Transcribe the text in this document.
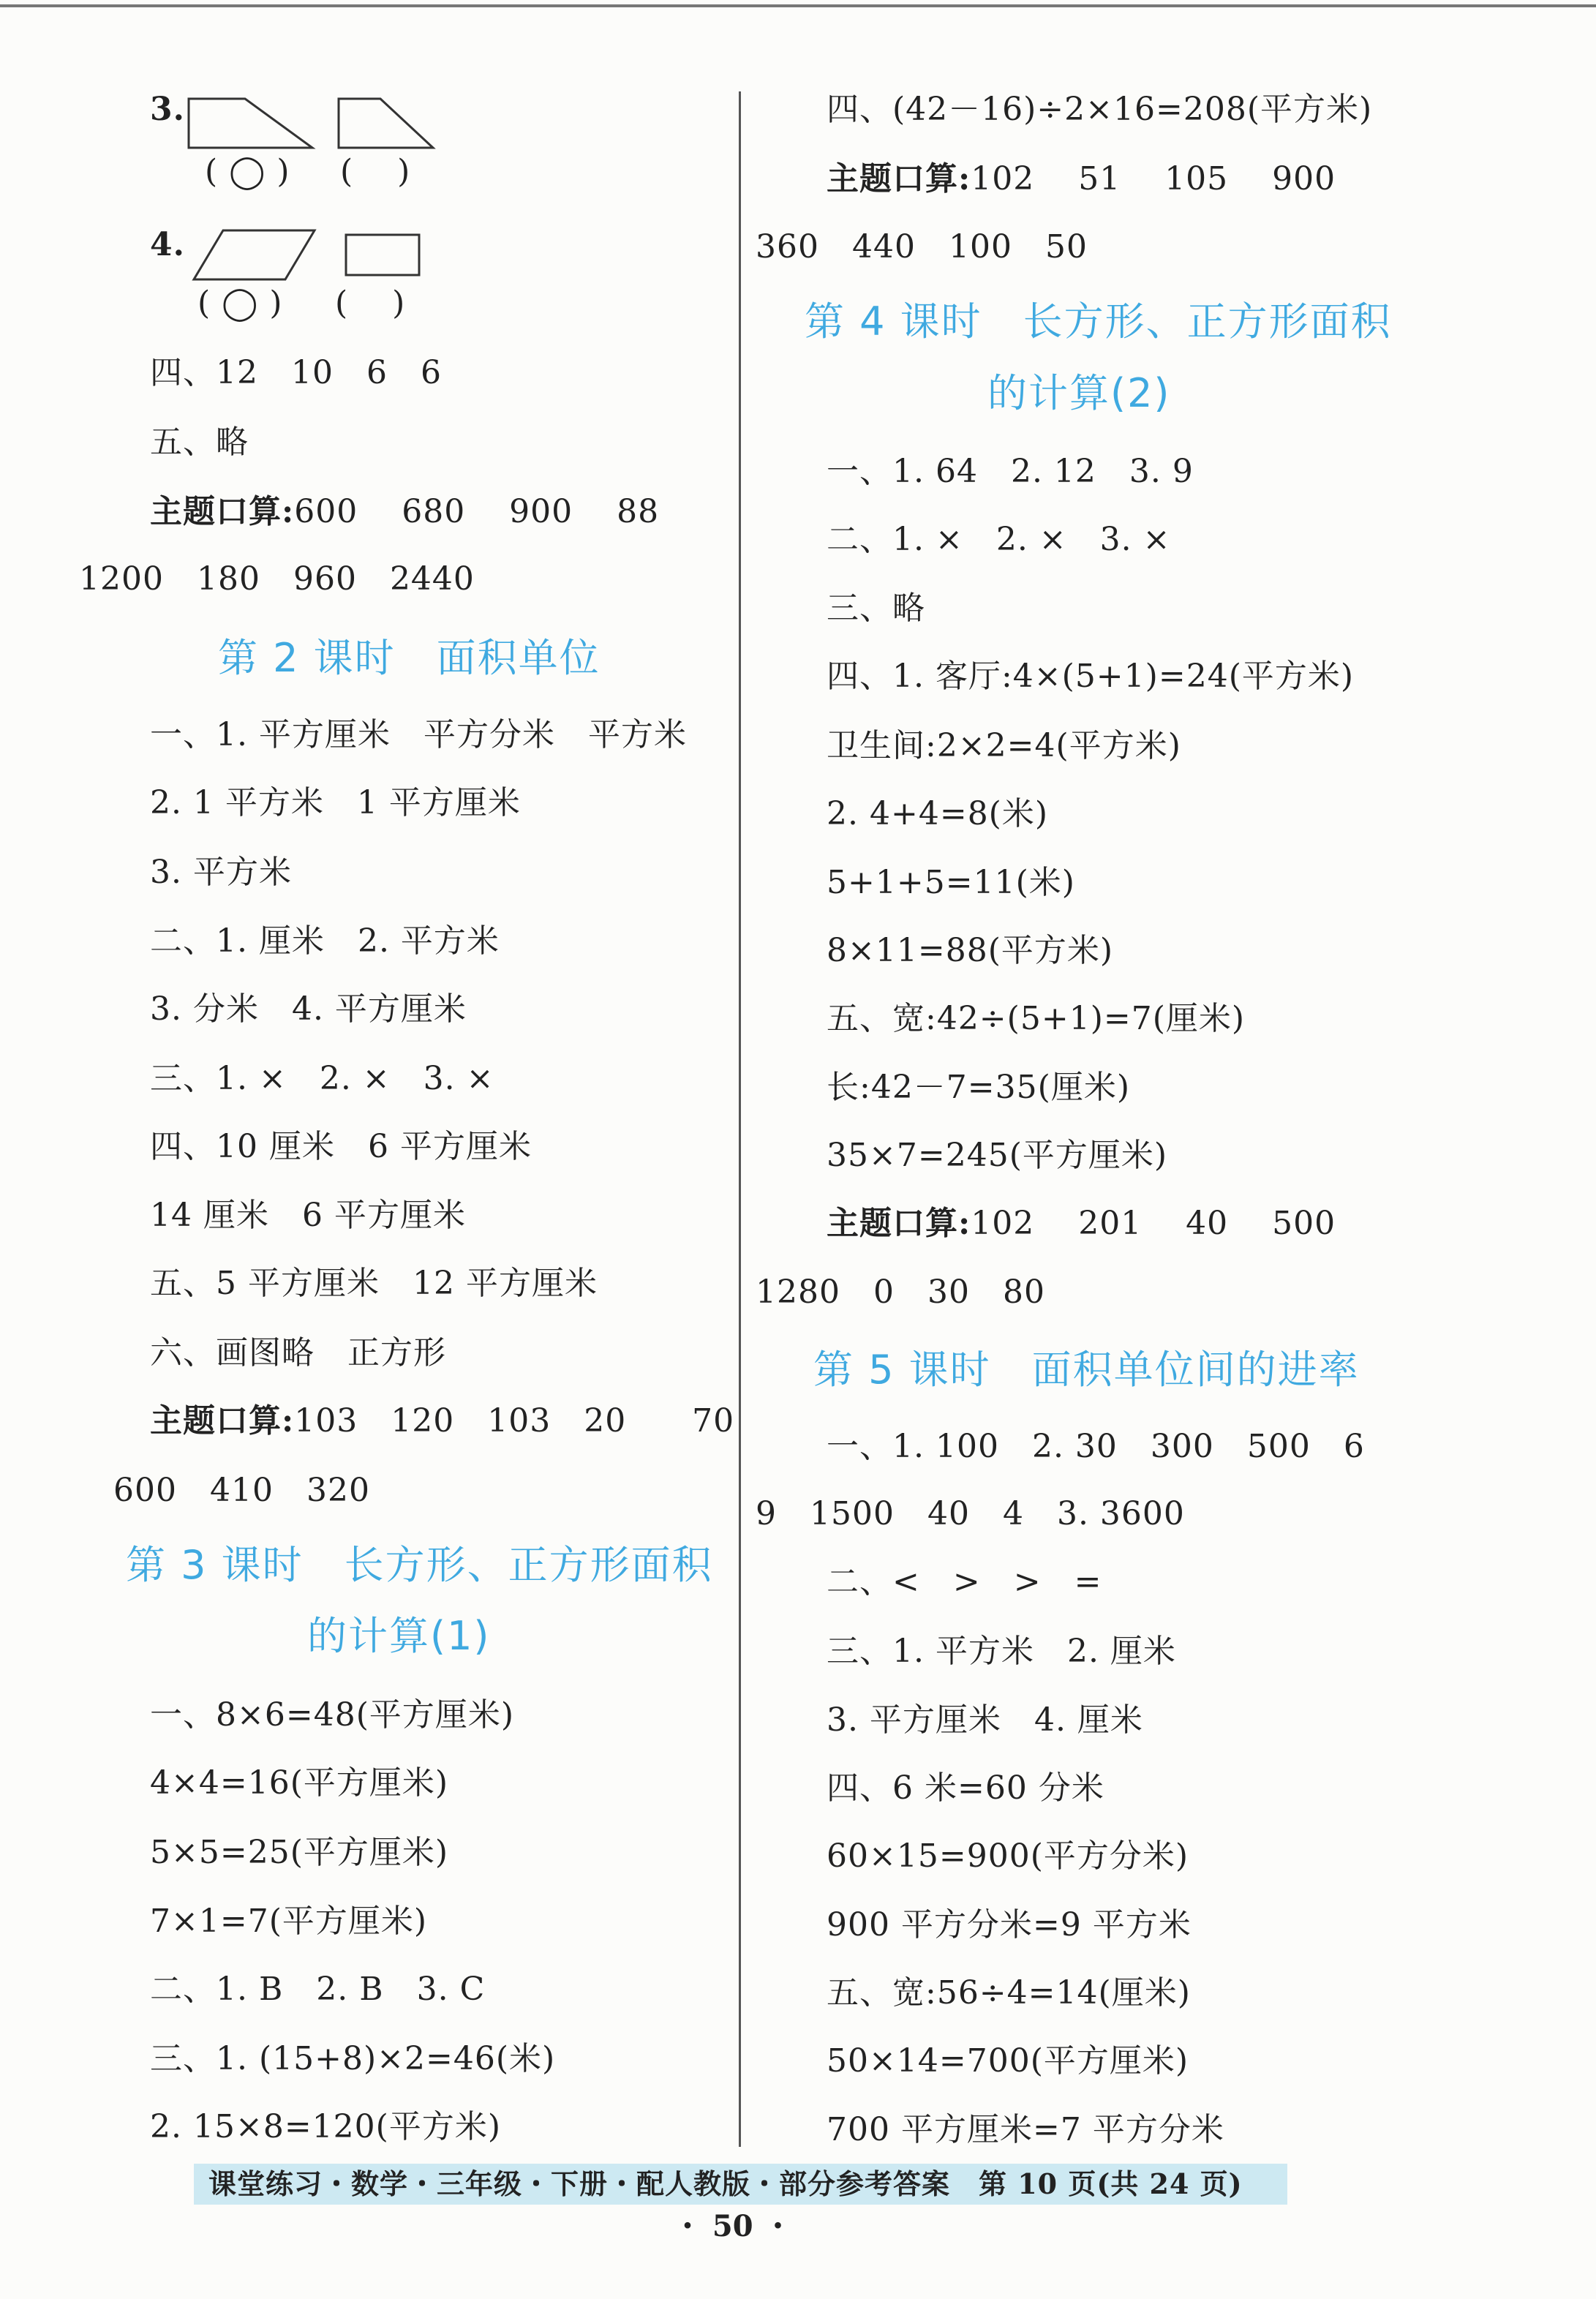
3.
( ◯ ) (    )
4.
( ◯ ) (    )
四、12　10　6　6
五、略
主题口算:600　 680　 900　 88
1200　180　960　2440
第 2 课时　面积单位
一、1. 平方厘米　平方分米　平方米
2. 1 平方米　1 平方厘米
3. 平方米
二、1. 厘米　2. 平方米
3. 分米　4. 平方厘米
三、1. ×　2. ×　3. ×
四、10 厘米　6 平方厘米
14 厘米　6 平方厘米
五、5 平方厘米　12 平方厘米
六、画图略　正方形
主题口算:103　120　103　20　　70
600　410　320
第 3 课时　长方形、正方形面积
的计算(1)
一、8×6=48(平方厘米)
4×4=16(平方厘米)
5×5=25(平方厘米)
7×1=7(平方厘米)
二、1. B　2. B　3. C
三、1. (15+8)×2=46(米)
2. 15×8=120(平方米)
四、(42－16)÷2×16=208(平方米)
主题口算:102　 51　 105　 900
360　440　100　50
第 4 课时　长方形、正方形面积
的计算(2)
一、1. 64　2. 12　3. 9
二、1. ×　2. ×　3. ×
三、略
四、1. 客厅:4×(5+1)=24(平方米)
卫生间:2×2=4(平方米)
2. 4+4=8(米)
5+1+5=11(米)
8×11=88(平方米)
五、宽:42÷(5+1)=7(厘米)
长:42－7=35(厘米)
35×7=245(平方厘米)
主题口算:102　 201　 40　 500
1280　0　30　80
第 5 课时　面积单位间的进率
一、1. 100　2. 30　300　500　6
9　1500　40　4　3. 3600
二、<　>　>　=
三、1. 平方米　2. 厘米
3. 平方厘米　4. 厘米
四、6 米=60 分米
60×15=900(平方分米)
900 平方分米=9 平方米
五、宽:56÷4=14(厘米)
50×14=700(平方厘米)
700 平方厘米=7 平方分米
课堂练习・数学・三年级・下册・配人教版・部分参考答案　第 10 页(共 24 页)
・ 50 ・
